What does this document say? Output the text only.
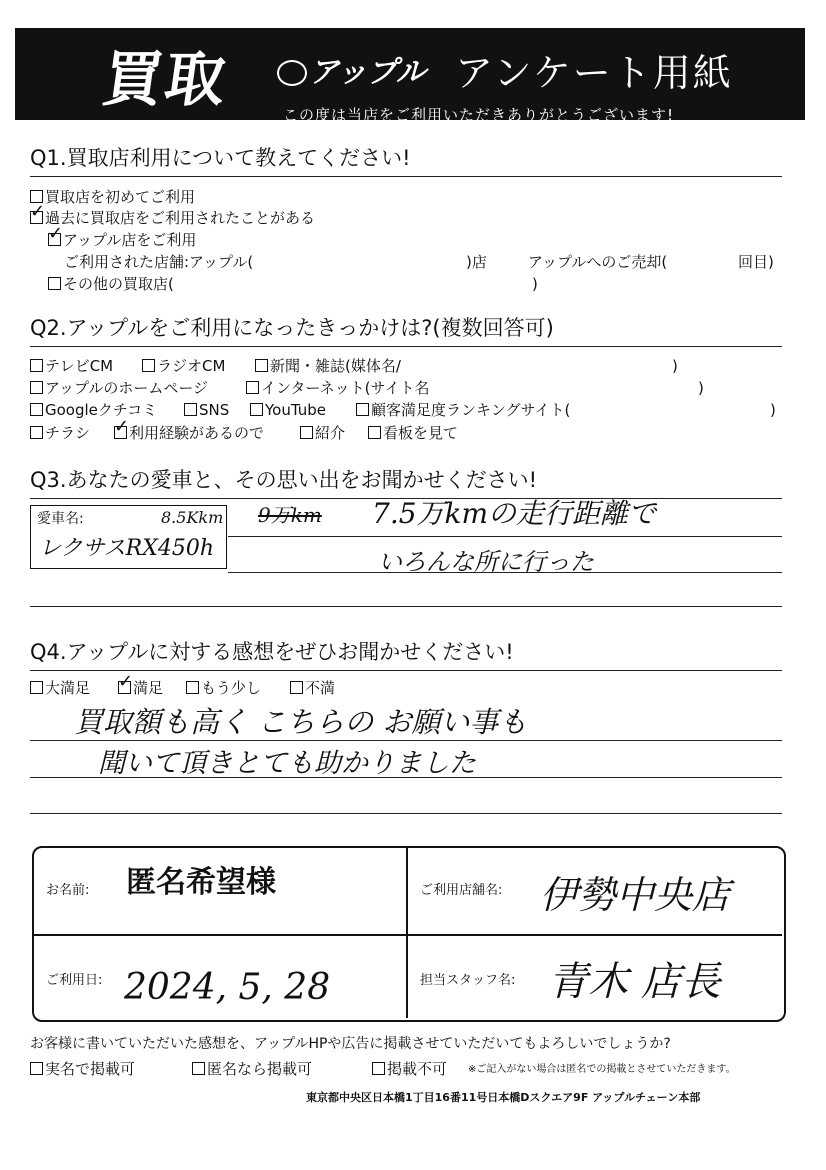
買取	アップル アンケート用紙
この度は当店をご利用いただきありがとうございます!
Q1.買取店利用について教えてください!
買取店を初めてご利用
✓過去に買取店をご利用されたことがある
✓アップル店をご利用
ご利用された店舗:アップル(	)店	アップルへのご売却(	回目)
その他の買取店(	)
Q2.アップルをご利用になったきっかけは?(複数回答可)
テレビCM	ラジオCM	新聞・雑誌(媒体名/	)
アップルのホームページ	インターネット(サイト名	)
Googleクチコミ	SNS	YouTube	顧客満足度ランキングサイト(	)
チラシ ✓	利用経験があるので	紹介	看板を見て
Q3.あなたの愛車と、その思い出をお聞かせください!
愛車名:	8.5Kkm
レクサスRX450h
9万km 7.5万kmの走行距離で
いろんな所に行った
Q4.アップルに対する感想をぜひお聞かせください!
大満足 ✓	満足	もう少し	不満
買取額も高く こちらの お願い事も
聞いて頂きとても助かりました
お名前: 匿名希望様	ご利用店舗名: 伊勢中央店
ご利用日: 2024, 5, 28	担当スタッフ名: 青木 店長
お客様に書いていただいた感想を、アップルHPや広告に掲載させていただいてもよろしいでしょうか?
実名で掲載可	匿名なら掲載可	掲載不可 ※ご記入がない場合は匿名での掲載とさせていただきます。
東京都中央区日本橋1丁目16番11号日本橋Dスクエア9F アップルチェーン本部
